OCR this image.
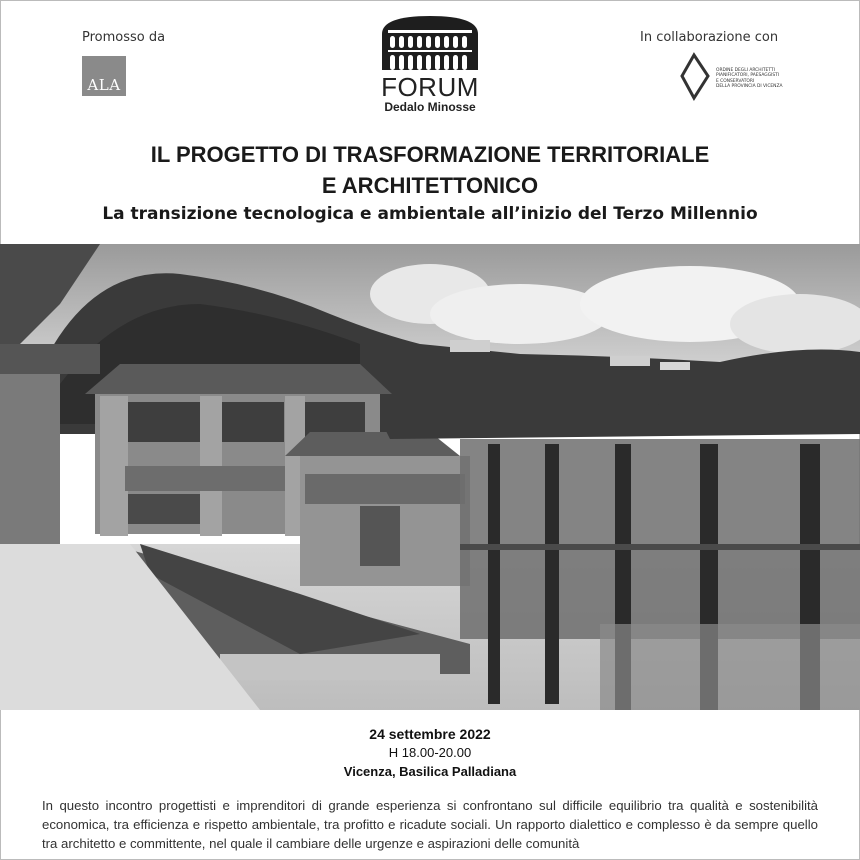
Promosso da
ALA	FORUM
Dedalo Minosse
In collaborazione con
ORDINE DEGLI ARCHITETTI
PIANIFICATORI, PAESAGGISTI
E CONSERVATORI
DELLA PROVINCIA DI VICENZA
IL PROGETTO DI TRASFORMAZIONE TERRITORIALE
E ARCHITETTONICO
La transizione tecnologica e ambientale all’inizio del Terzo Millennio
24 settembre 2022
H 18.00-20.00
Vicenza, Basilica Palladiana
In questo incontro progettisti e imprenditori di grande esperienza si confrontano sul difficile equilibrio tra qualità e sostenibilità economica, tra efficienza e rispetto ambientale, tra profitto e ricadute sociali. Un rapporto dialettico e complesso è da sempre quello tra architetto e committente, nel quale il cambiare delle urgenze e aspirazioni delle comunità
